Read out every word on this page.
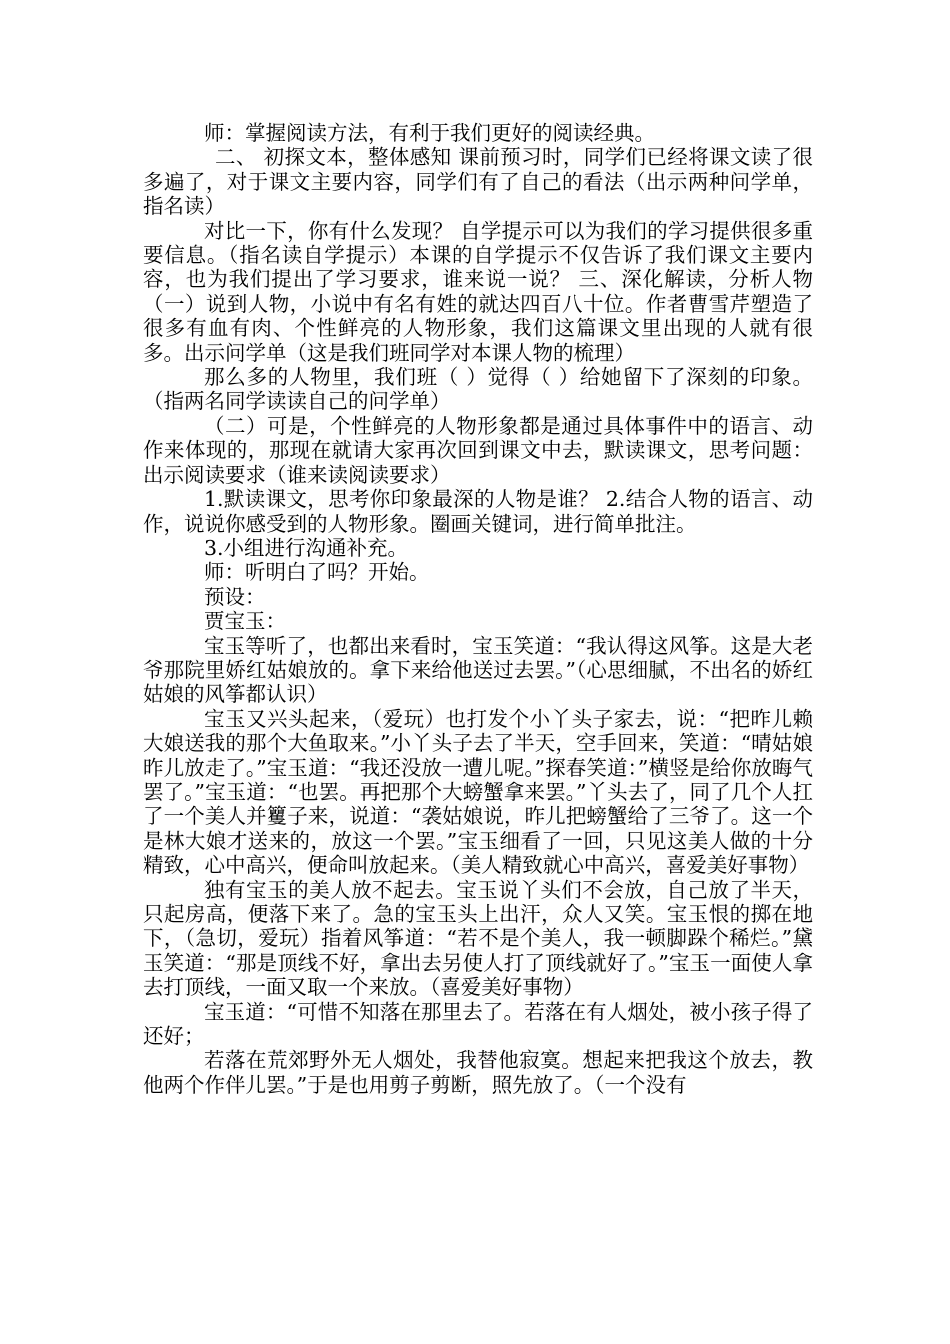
师：掌握阅读方法，有利于我们更好的阅读经典。

二、 初探文本，整体感知 课前预习时，同学们已经将课文读了很多遍了，对于课文主要内容，同学们有了自己的看法（出示两种问学单，指名读）

对比一下，你有什么发现？ 自学提示可以为我们的学习提供很多重要信息。（指名读自学提示）本课的自学提示不仅告诉了我们课文主要内容，也为我们提出了学习要求，谁来说一说？ 三、深化解读，分析人物 （一）说到人物，小说中有名有姓的就达四百八十位。作者曹雪芹塑造了很多有血有肉、个性鲜亮的人物形象，我们这篇课文里出现的人就有很多。出示问学单（这是我们班同学对本课人物的梳理）

那么多的人物里，我们班（ ）觉得（ ）给她留下了深刻的印象。（指两名同学读读自己的问学单）

（二）可是，个性鲜亮的人物形象都是通过具体事件中的语言、动作来体现的，那现在就请大家再次回到课文中去，默读课文，思考问题：出示阅读要求（谁来读阅读要求）

1.默读课文，思考你印象最深的人物是谁？ 2.结合人物的语言、动作，说说你感受到的人物形象。圈画关键词，进行简单批注。

3.小组进行沟通补充。

师：听明白了吗？开始。

预设：

贾宝玉：

宝玉等听了，也都出来看时，宝玉笑道：“我认得这风筝。这是大老爷那院里娇红姑娘放的。拿下来给他送过去罢。”（心思细腻，不出名的娇红姑娘的风筝都认识）

宝玉又兴头起来，（爱玩）也打发个小丫头子家去，说：“把昨儿赖大娘送我的那个大鱼取来。”小丫头子去了半天，空手回来，笑道：“晴姑娘昨儿放走了。”宝玉道：“我还没放一遭儿呢。”探春笑道：”横竖是给你放晦气罢了。”宝玉道：“也罢。再把那个大螃蟹拿来罢。”丫头去了，同了几个人扛了一个美人并籰子来，说道：“袭姑娘说，昨儿把螃蟹给了三爷了。这一个是林大娘才送来的，放这一个罢。”宝玉细看了一回，只见这美人做的十分精致，心中高兴，便命叫放起来。（美人精致就心中高兴，喜爱美好事物）

独有宝玉的美人放不起去。宝玉说丫头们不会放，自己放了半天，只起房高，便落下来了。急的宝玉头上出汗，众人又笑。宝玉恨的掷在地下，（急切，爱玩）指着风筝道：“若不是个美人，我一顿脚跺个稀烂。”黛玉笑道：“那是顶线不好，拿出去另使人打了顶线就好了。”宝玉一面使人拿去打顶线，一面又取一个来放。（喜爱美好事物）

宝玉道：“可惜不知落在那里去了。若落在有人烟处，被小孩子得了还好；

若落在荒郊野外无人烟处，我替他寂寞。想起来把我这个放去，教他两个作伴儿罢。”于是也用剪子剪断，照先放了。（一个没有
